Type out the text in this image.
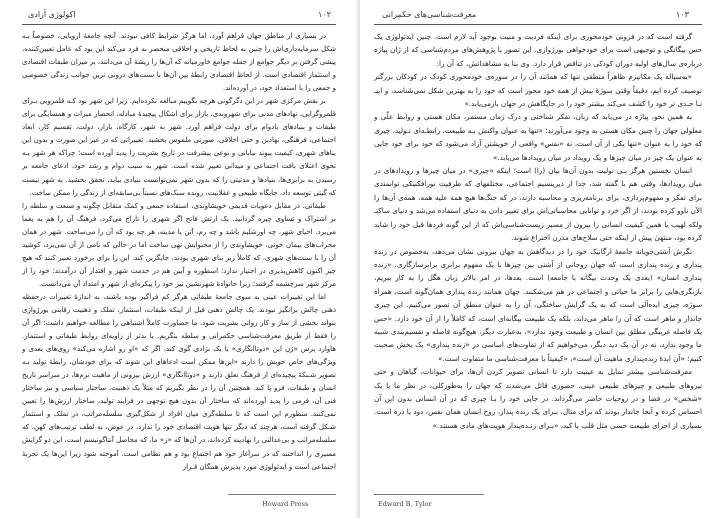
۱۰۲
اکولوژی آزادی

در بسیاری از مناطق جهان فراهم آورد، اما هرگز شرایط کافی نبودند. آنچه جامعهٔ اروپایی، خصوصاً بـه شکل سرمایه‌داری‌اش را چنین به لحاظ تاریخی و اخلاقی منحصر به فرد می‌کند این بود که عامل تعیین‌کننده، پیشی گرفتن بر دیگر جوامع از جمله جوامع خاورمیانه که آن‌ها را ریشهٔ آن می‌دانند، بر میزان طبقات اقتصادی و استثمار اقتصادی است. از لحاظ اقتصادی رابطهٔ بین آن‌ها با سنت‌های درونی ترین جوانب زندگی خصوصی و جمعی را با استعداد خود، در آورده‌اند.

بر نقش مرکزی شهر در این دگرگونی هرچه بگوییم مبالغه نکرده‌ایم. زیرا این شهر بود کـه قلمرویی بـرای قلمروگرایی، نهادهای مدنی برای شهروندی، بازار برای اشکال پیچیدهٔ مبادله، انحصار میراث و همسایگی برای طبقات و بنیادهای بادوام برای دولت فراهم آورد. شهر به شهر، کارگاه، بازار، دولت، تقسیم کار، ابعاد اجتماعی، فرهنگی، نهادین و حتی اخلاقی، صورتی ملموس بخشید. تغییراتی که در غیر این صورت و بدون این بناهای شهری، کیفیت پیوند بیابانی و نوعی پیشرفت در تاریخ بشریت را پدید آورده است؛ چراکه هر شهر بـه نحوی اعتلای بافت اجتماعی و میدانی تعبیر شده است. شهر به سبب دوام و رشد خود، ادعای جامعه بر رسیدن به برابری‌ها، بنیادها و مدنیتی را که بدون شهر نمی‌توانست بنیادی بیابد، تحقق بخشید. به شهر نیست که گیتی توسعه داد، جایگاه طبیعی و عقلانیت، روند‌ه سبک‌های نسبتاً بی‌سابقه‌ای از زندگی را ممکن ساخت.

طبقاتی، در مقابل دعویات قدیمی خویشاوندی، استفاده جمعی و کمک متقابل چگونه و صنعت و سلطه را بر اشتراک و تساوی چیره گردانید. یک ارتش فاتح اگر شهری را تاراج می‌کرد، فرهنگ آن را هم به یغما می‌برد. احیای شهر، چه اورشلیم باشد و چه رم، آتن یا مدینه، هر چه بود که آن را می‌ساخت. شهر در همان محراب‌های پیمان خونی، خویشاوندی را از محتوایش تهی ساخت اما در حالی که نامی از آن نمی‌برد، کوشید آن را با سنت‌های شهری، که کاملاً زیر بنای شهری بودند، جایگزین کند. این را برای برخورد تعبیر کنند که هیچ چیز اکنون کاهش‌پذیری در اختیار ندارد؛ اسطوره و آیین هم در خدمت شهر و اقتدار آن درآمدند؛ خود را از مرکز شهر سرچشمه گرفتند؛ زیرا خانوادهٔ شهرنشین نیز خود را پیکره‌ای از شهر و امتداد آن می‌دانست.

اما این تغییرات عینی به سوی جامعهٔ طبقاتی هرگز کم فراگیر بوده باشند، به اندازهٔ تغییرات درحفظه ذهنی چالش برانگیز نبودند. یک چالش ذهنی قبل از اینکه طبقات، استثمار، تملک و ذهنیت رقابتی بورژوازی بتواند بخشی از ساز و کار روانی بشریت شود، ما حضاورت کاملاً اشتباهی را مطالعه خواهیم داشت؛ اگر آن را فقط از طریق معرفت‌شناسی حکمرانی و سلطه بنگریم. یا بدتر از زاویه‌ای روابط طبقاتی و استثمار. هاوارد پرس «ژن این «دوتاانگاری» یا یک نژادی گوی کند، اگر که «او رو اشاره می‌کند» روی‌های بعدی و ویژگی‌های خاص خویش را دارند «این‌ها ممکن است ادعاهای این شوند که برای خودشان، رابطهٔ تولید بـه تصویر شـبکهٔ پیچیده‌ای از فرهنگ تعلق دارند و «دوتاانگاری» ارزش بیرونی از ماهیت نرم‌ها، در سراسر تاریخ انسان و طبقات، فرو پا کند. همچنین آن را در نظر بگیریم که مثلاً یک ذهنیت، ساختار سیاسی و نیز ساختار فنی آن، فرمی را پدید آورده‌اند که ساختار آن بدون هیچ توجهی در فرایند تولید، ساختار ارزش‌ها را تعیین نمی‌کنند. منظورم این است که تا سلطه‌گری میان افراد از شکل‌گیری سلسله‌مراتب، در تملک و استثمار شـکل گرفته است، هرچند که دیگر تنها هویت اقتصادی خود را ندارد، در عوض، به لطف ترتیب‌های کهن، که سلسله‌مراتب و بی‌عدالتی را نهادینه کرده‌اند، در آن‌ها که «ز» ما، که محاصل آنتاگونیسم است، این دو گرایش مسیری را انداختند که در سرآغاز خود هم اجتماع بود و هم نظامی است. آموخته شود زیرا این‌ها یک تجربهٔ اجتماعی است و ایدئولوژی مورد پذیرش همگان قـرار

Howard Press
معرفت‌شناسی‌های حکمرانی	۱۰۳

گرفته است که در فزونی خودمحوری برای اینکه فردیت و منیت بوجود آید لازم است. چنین ایدئولوژی یک حس بیگانگی و توجیهی است برای خودخواهی بورژوازی. این تصور با پژوهش‌های مردم‌شناسی که از ژان پیاژه درباره‌ی سال‌های اولیه دوران کودکی در تناقض قرار دارد. وی بنا به مشاهداتش، که آن را:

«به‌سیاله یک مکانیزم ظاهراً منطقی تنها که همانند آن را در سوره‌ی خودمحوری کودک در کودکان بزرگتر توصیف کرده ایم، دقیقاً وقتی سوژهٔ بیش از همه خود محور است که خود را به بهترین شکل نمی‌شناسد، و اینـ تـا جـدی تر خود را کشف می‌کند بیشتر خود را در جایگاهش در جهان بازمی‌یابد.»

به همین نحو، پیاژه در می‌یابد که زبان، تفکر شناختی و درک زمان مستمر، مکان هستی و روابط علّی و معلولی جهان را چنین مکان هستی به وجود می‌آورند؛ «تنها به عنوان واکنش بـه طبیعت، رابطـه‌ای تـولید، چیزی که خود را به عنوان «تنها یکی از آن است، نه «نفس» واقعی از خویشتن آزاد می‌شود که خود برای خود جایی به عنوان یک چیز در میان چیزها و یک رویداد در میان رویدادها می‌یابد.»

انسان نخستین هرگز بـی تولیت بدون آن‌ها بیان (را) است؛ اینکه «چیزی» در میان چیزها و رویدادهای در میان رویدادها، وقتی هم با گفته شد، جدا از دیرینسیم اجتماعی، مختلفهای که ظرفیت نورافکنیکی توانمندی برای تفکر و مفهوم‌پردازی، برای برنامه‌ریزی و محاسبه دارند، در که جنگ‌ها هیچ همه علیه همه، همه‌ی آن‌ها را الآن ناوو کرده بودند، از اگر خرد و توانایی محاسباتی‌اش برای تغییر دادن به دنیای استفاده می‌شد و دنیای ساکتـ ولکه لهیب یا همین کیفیت انسانی را بیرون از مسیر زیست‌شناسی‌اش که از این گونه فردها قبل خود را شاید کرده بود، منتهیٰ پیش از اینکه حتی سلاح‌های مدرن اختراع شوند.

نگرش آشتی‌جویانه جامعهٔ ارگانیک خود را در دیدگاهش به جهان بیرونی نشان می‌دهد، به‌خصوص در زنده پنداری و زنده پنداری است که جهان روحانی از آشتی بین چیزها با یک مفهوم برابری برابرسازگاری، «زنده پنداری انسان» (بعدی یک وحدت بیگانه با جامعه) است. بعدها، در امر بالاتر زبان هگل را به کار ببریم، بازنگری‌هایی را برابر ما حیاتی و اجتماعی در هم می‌شکنند. جهان همانند زنده پنداری همان‌گونه است، همراه سوژه، چیزی ایده‌آلی است که به یک گرایش ساختگی، آن را به عنوان منطق آن تصور می‌کنیم. این چیزی جاندار و ماهر است که آن را ماهر می‌داند، بلکه یک طبیعت بیگانه‌ای است، که کاملاً را از آن خود دارد. «حس یک فاصله غریبگی مطلق بین انسان و طبیعت وجود ندارد»، به‌عبارت دیگر، هیچ‌گونه فاصله و تقسیم‌بندی شبیه ما وجود ندارد، نه در آن یک دید دیگر، می‌خواهیم که از تفاوت‌های اساسی در «زنده پنداری» یک بخش صحبت کنیم؛ «آن ایدهٔ زنده‌پنداری ماهیت آن است»، «کیفیتاً با معرفت‌شناسی ما متفاوت است.»

معرفت‌شناسی بیشتر تمایل به عینیت دارد تا انسانی تصویر کردن آن‌ها، برای حیوانات، گیاهان و حتی نیروهای طبیعی و چیزهای طبیعی عینی، حضوری قائل می‌شدند که جهان را به‌طورکلی، در نظر ما با یک «شخص» در فضا و در روحیات حاضر می‌گرداند. در جایی خود را بـا چیزی که در آن انسانی بدون این آن احساس کرده و آنجا جاندار بودند که برای مثال، بـرای یک زنده پندار، روح انسان همان نفس، دود یا ذره است. بسیاری از اجزای طبیعت حسی مثل قلب یا کبد، «بـرای زنـده‌پندار هویت‌های مادی هستند.»

Edward B. Tylor
